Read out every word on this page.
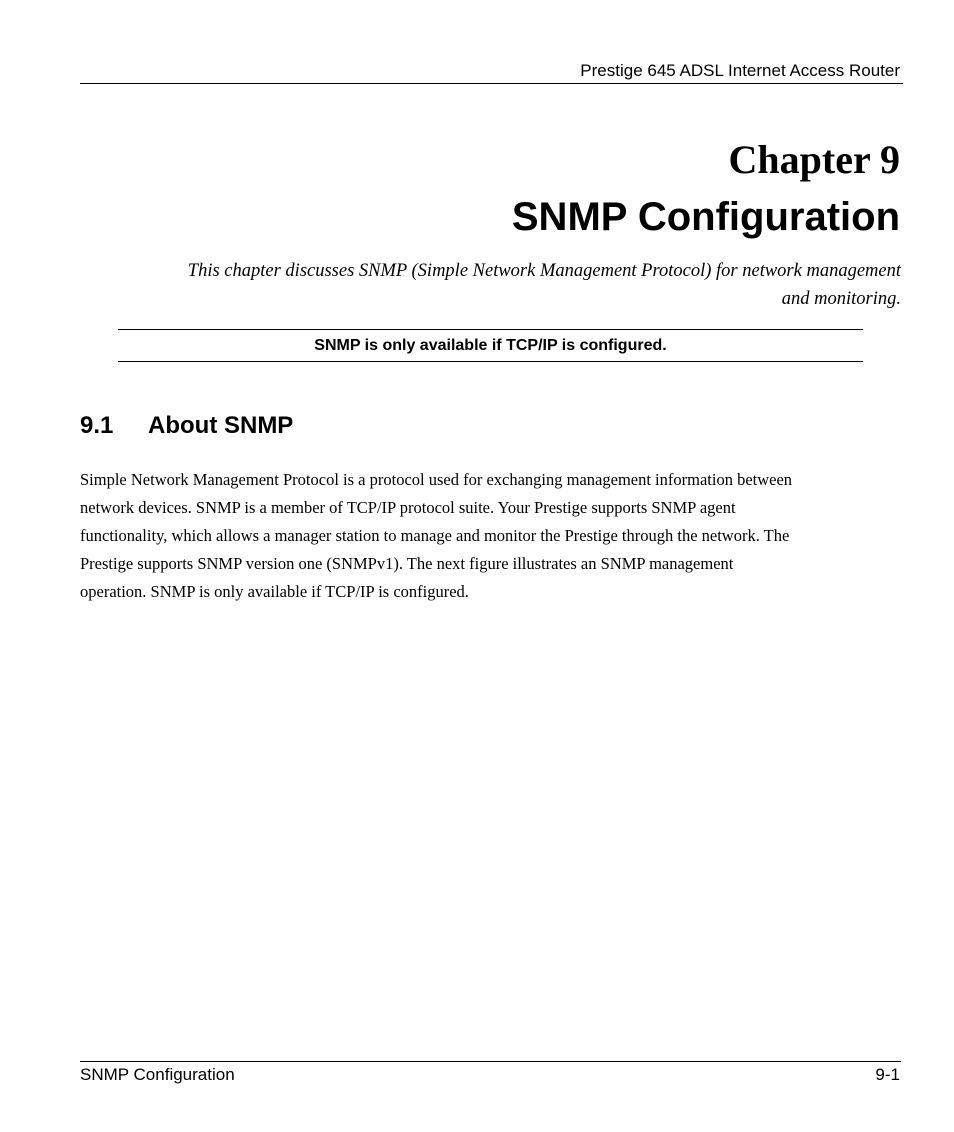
Prestige 645 ADSL Internet Access Router
Chapter 9
SNMP Configuration
This chapter discusses SNMP (Simple Network Management Protocol) for network management
and monitoring.
SNMP is only available if TCP/IP is configured.
9.1 About SNMP
Simple Network Management Protocol is a protocol used for exchanging management information between
network devices. SNMP is a member of TCP/IP protocol suite. Your Prestige supports SNMP agent
functionality, which allows a manager station to manage and monitor the Prestige through the network. The
Prestige supports SNMP version one (SNMPv1). The next figure illustrates an SNMP management
operation. SNMP is only available if TCP/IP is configured.
SNMP Configuration	9-1
